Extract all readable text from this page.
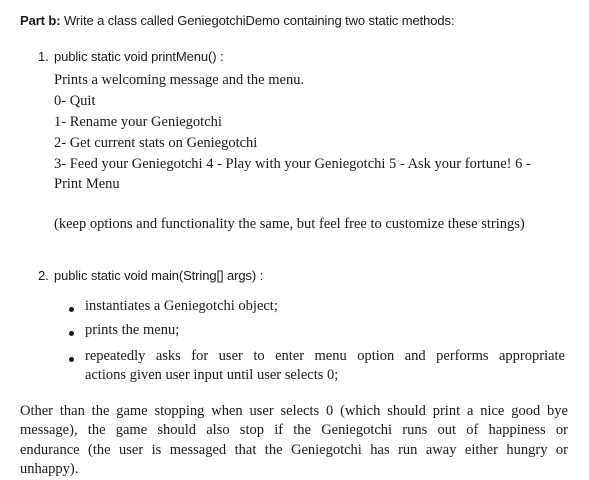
Part b: Write a class called GeniegotchiDemo containing two static methods:
1. public static void printMenu() :
Prints a welcoming message and the menu.
0- Quit
1- Rename your Geniegotchi
2- Get current stats on Geniegotchi
3- Feed your Geniegotchi 4 - Play with your Geniegotchi 5 - Ask your fortune! 6 -
Print Menu
(keep options and functionality the same, but feel free to customize these strings)
2. public static void main(String[] args) :
instantiates a Geniegotchi object;
prints the menu;
repeatedly asks for user to enter menu option and performs appropriate
actions given user input until user selects 0;
Other than the game stopping when user selects 0 (which should print a nice good bye
message), the game should also stop if the Geniegotchi runs out of happiness or
endurance (the user is messaged that the Geniegotchi has run away either hungry or
unhappy).
